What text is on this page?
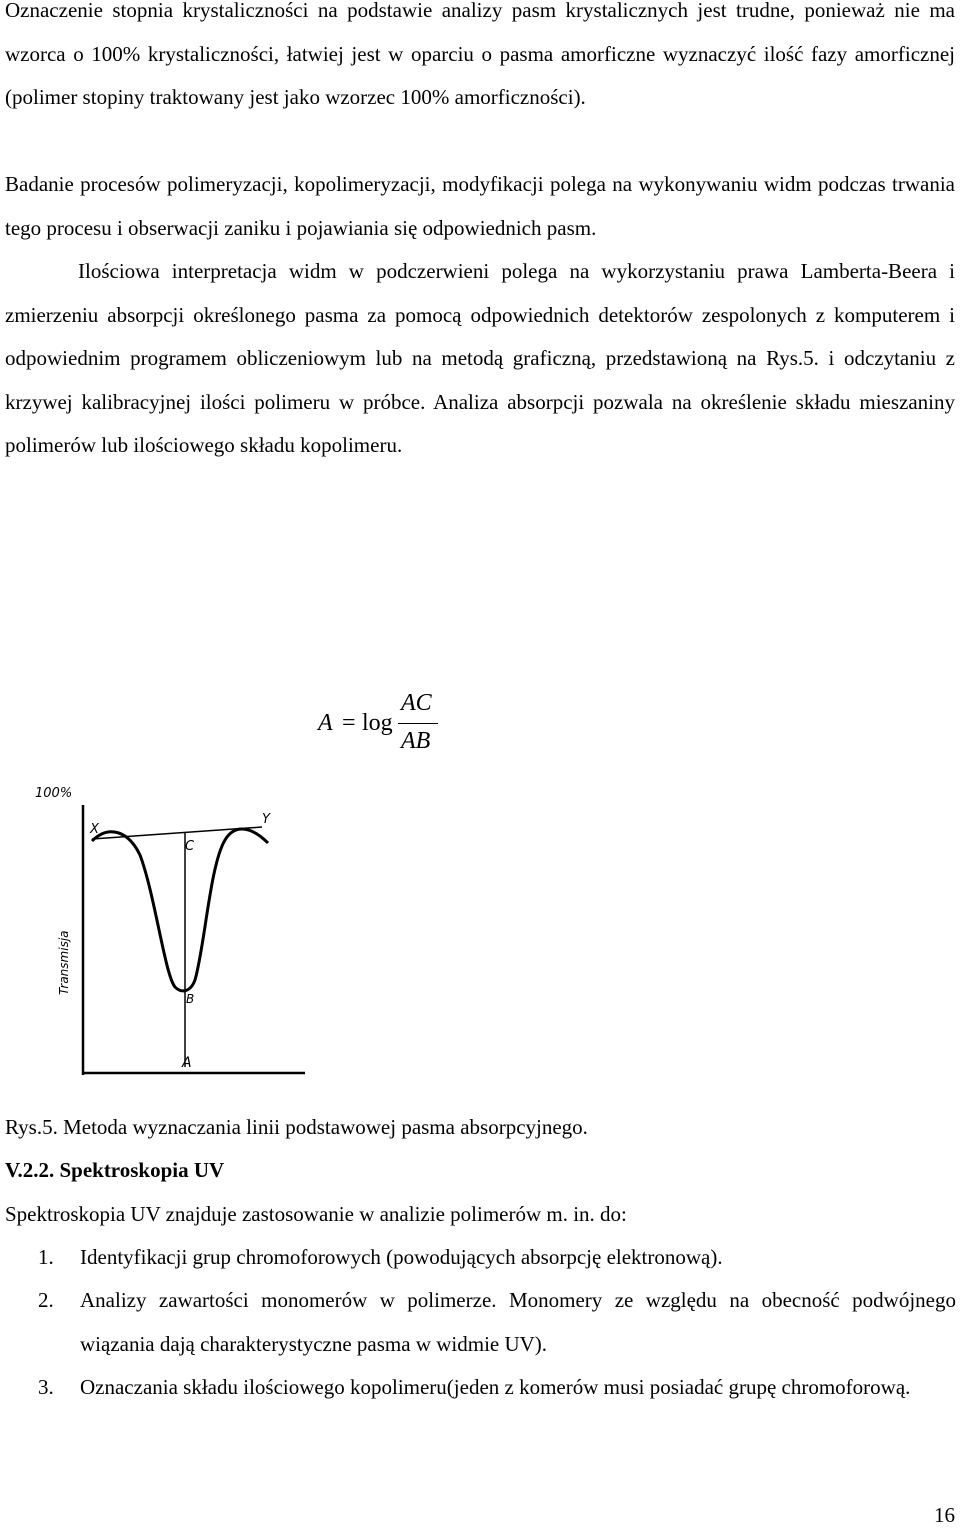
Oznaczenie stopnia krystaliczności na podstawie analizy pasm krystalicznych jest trudne, ponieważ nie ma wzorca o 100% krystaliczności, łatwiej jest w oparciu o pasma amorficzne wyznaczyć ilość fazy amorficznej (polimer stopiny traktowany jest jako wzorzec 100% amorficzności).

Badanie procesów polimeryzacji, kopolimeryzacji, modyfikacji polega na wykonywaniu widm podczas trwania tego procesu i obserwacji zaniku i pojawiania się odpowiednich pasm.

Ilościowa interpretacja widm w podczerwieni polega na wykorzystaniu prawa Lamberta-Beera i zmierzeniu absorpcji określonego pasma za pomocą odpowiednich detektorów zespolonych z komputerem i odpowiednim programem obliczeniowym lub na metodą graficzną, przedstawioną na Rys.5. i odczytaniu z krzywej kalibracyjnej ilości polimeru w próbce. Analiza absorpcji pozwala na określenie składu mieszaniny polimerów lub ilościowego składu kopolimeru.

A = log
AC
AB
100%
X
Y
C
B
A
Transmisja

Rys.5. Metoda wyznaczania linii podstawowej pasma absorpcyjnego.

V.2.2. Spektroskopia UV

Spektroskopia UV znajduje zastosowanie w analizie polimerów m. in. do:

1.	Identyfikacji grup chromoforowych (powodujących absorpcję elektronową).

2.	Analizy zawartości monomerów w polimerze. Monomery ze względu na obecność podwójnego wiązania dają charakterystyczne pasma w widmie UV).

3.	Oznaczania składu ilościowego kopolimeru(jeden z komerów musi posiadać grupę chromoforową.

16
